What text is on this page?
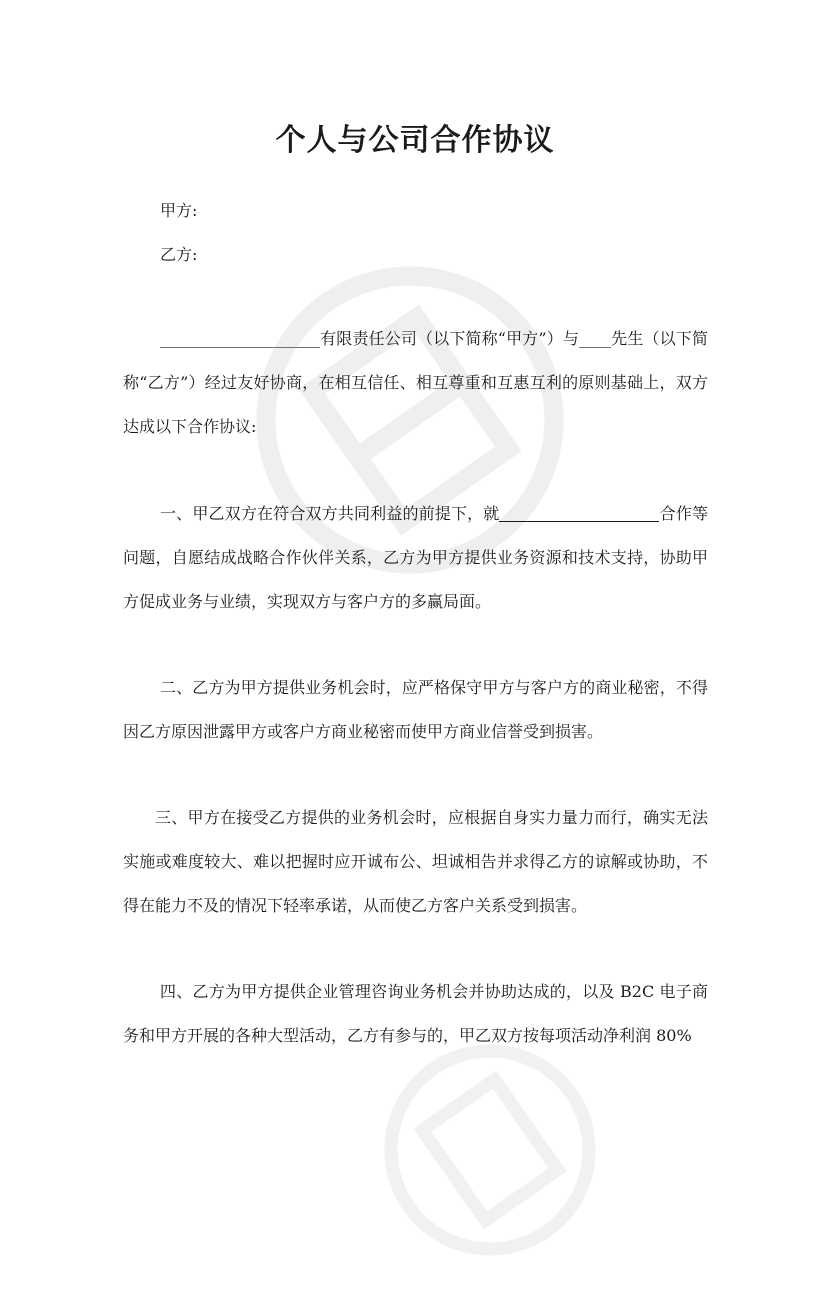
个人与公司合作协议
甲方:
乙方:
____________________有限责任公司（以下简称“甲方”）与____先生（以下简称“乙方”）经过友好协商，在相互信任、相互尊重和互惠互利的原则基础上，双方达成以下合作协议:
一、甲乙双方在符合双方共同利益的前提下，就	合作等问题，自愿结成战略合作伙伴关系，乙方为甲方提供业务资源和技术支持，协助甲方促成业务与业绩，实现双方与客户方的多赢局面。
二、乙方为甲方提供业务机会时，应严格保守甲方与客户方的商业秘密，不得因乙方原因泄露甲方或客户方商业秘密而使甲方商业信誉受到损害。
三、甲方在接受乙方提供的业务机会时，应根据自身实力量力而行，确实无法实施或难度较大、难以把握时应开诚布公、坦诚相告并求得乙方的谅解或协助，不得在能力不及的情况下轻率承诺，从而使乙方客户关系受到损害。
四、乙方为甲方提供企业管理咨询业务机会并协助达成的，以及 B2C 电子商务和甲方开展的各种大型活动，乙方有参与的，甲乙双方按每项活动净利润 80%
